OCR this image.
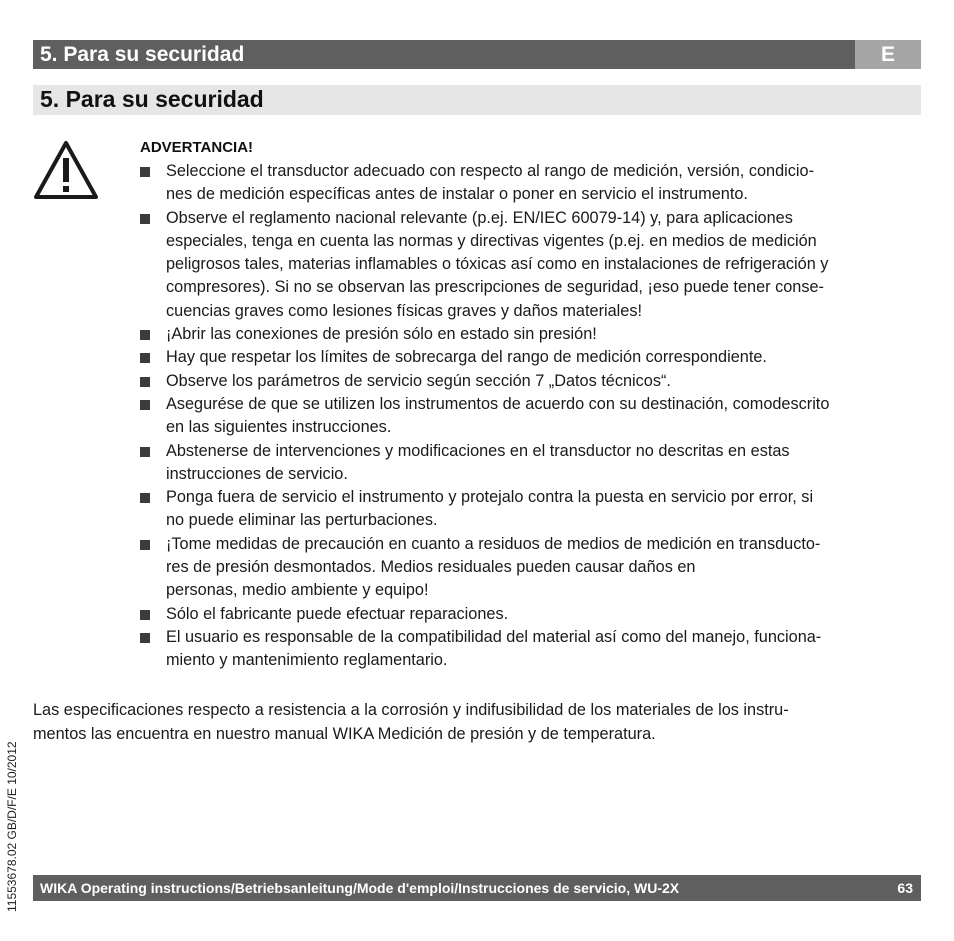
5. Para su securidad	E
5. Para su securidad
ADVERTANCIA!
Seleccione el transductor adecuado con respecto al rango de medición, versión, condicio-
nes de medición específicas antes de instalar o poner en servicio el instrumento.
Observe el reglamento nacional relevante (p.ej. EN/IEC 60079-14) y, para aplicaciones
especiales, tenga en cuenta las normas y directivas vigentes (p.ej. en medios de medición
peligrosos tales, materias inflamables o tóxicas así como en instalaciones de refrigeración y
compresores). Si no se observan las prescripciones de seguridad, ¡eso puede tener conse-
cuencias graves como lesiones físicas graves y daños materiales!
¡Abrir las conexiones de presión sólo en estado sin presión!
Hay que respetar los límites de sobrecarga del rango de medición correspondiente.
Observe los parámetros de servicio según sección 7 „Datos técnicos“.
Asegurése de que se utilizen los instrumentos de acuerdo con su destinación, comodescrito
en las siguientes instrucciones.
Abstenerse de intervenciones y modificaciones en el transductor no descritas en estas
instrucciones de servicio.
Ponga fuera de servicio el instrumento y protejalo contra la puesta en servicio por error, si
no puede eliminar las perturbaciones.
¡Tome medidas de precaución en cuanto a residuos de medios de medición en transducto-
res de presión desmontados. Medios residuales pueden causar daños en
personas, medio ambiente y equipo!
Sólo el fabricante puede efectuar reparaciones.
El usuario es responsable de la compatibilidad del material así como del manejo, funciona-
miento y mantenimiento reglamentario.
Las especificaciones respecto a resistencia a la corrosión y indifusibilidad de los materiales de los instru-
mentos las encuentra en nuestro manual WIKA Medición de presión y de temperatura.
11553678.02 GB/D/F/E 10/2012 WIKA Operating instructions/Betriebsanleitung/Mode d'emploi/Instrucciones de servicio, WU-2X	63
